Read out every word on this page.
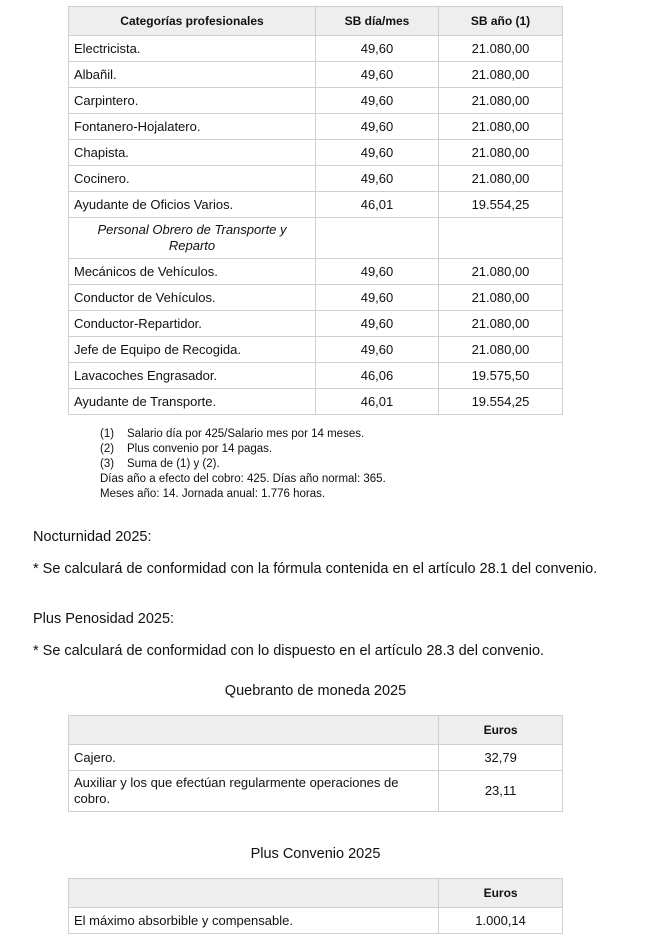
Categorías profesionales	SB día/mes	SB año (1)
Electricista.	49,60	21.080,00
Albañil.	49,60	21.080,00
Carpintero.	49,60	21.080,00
Fontanero-Hojalatero.	49,60	21.080,00
Chapista.	49,60	21.080,00
Cocinero.	49,60	21.080,00
Ayudante de Oficios Varios.	46,01	19.554,25
Personal Obrero de Transporte y Reparto		
Mecánicos de Vehículos.	49,60	21.080,00
Conductor de Vehículos.	49,60	21.080,00
Conductor-Repartidor.	49,60	21.080,00
Jefe de Equipo de Recogida.	49,60	21.080,00
Lavacoches Engrasador.	46,06	19.575,50
Ayudante de Transporte.	46,01	19.554,25
(1)	Salario día por 425/Salario mes por 14 meses.
(2)	Plus convenio por 14 pagas.
(3)	Suma de (1) y (2).
Días año a efecto del cobro: 425. Días año normal: 365.
Meses año: 14. Jornada anual: 1.776 horas.

Nocturnidad 2025:

* Se calculará de conformidad con la fórmula contenida en el artículo 28.1 del convenio.

Plus Penosidad 2025:

* Se calculará de conformidad con lo dispuesto en el artículo 28.3 del convenio.

Quebranto de moneda 2025
	Euros
Cajero.	32,79
Auxiliar y los que efectúan regularmente operaciones de cobro.	23,11
Plus Convenio 2025
	Euros
El máximo absorbible y compensable.	1.000,14
